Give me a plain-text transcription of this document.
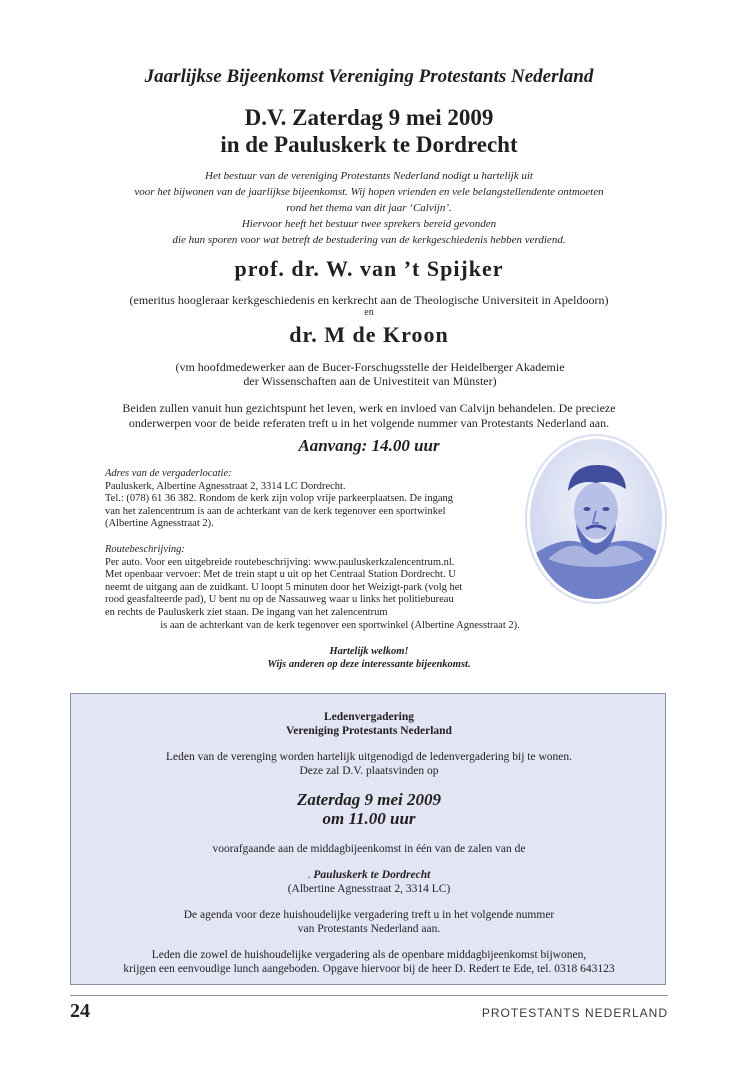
Jaarlijkse Bijeenkomst Vereniging Protestants Nederland
D.V. Zaterdag 9 mei 2009
in de Pauluskerk te Dordrecht
Het bestuur van de vereniging Protestants Nederland nodigt u hartelijk uit
voor het bijwonen van de jaarlijkse bijeenkomst. Wij hopen vrienden en vele belangstellendente ontmoeten
rond het thema van dit jaar ‘Calvijn’.
Hiervoor heeft het bestuur twee sprekers bereid gevonden
die hun sporen voor wat betreft de bestudering van de kerkgeschiedenis hebben verdiend.
prof. dr. W. van ’t Spijker
(emeritus hoogleraar kerkgeschiedenis en kerkrecht aan de Theologische Universiteit in Apeldoorn)
en
dr. M de Kroon
(vm hoofdmedewerker aan de Bucer-Forschugsstelle der Heidelberger Akademie
der Wissenschaften aan de Univestiteit van Münster)
Beiden zullen vanuit hun gezichtspunt het leven, werk en invloed van Calvijn behandelen. De precieze
onderwerpen voor de beide referaten treft u in het volgende nummer van Protestants Nederland aan.
Aanvang: 14.00 uur
Adres van de vergaderlocatie:
Pauluskerk, Albertine Agnesstraat 2, 3314 LC Dordrecht.
Tel.: (078) 61 36 382. Rondom de kerk zijn volop vrije parkeerplaatsen. De ingang
van het zalencentrum is aan de achterkant van de kerk tegenover een sportwinkel
(Albertine Agnesstraat 2).
Routebeschrijving:
Per auto. Voor een uitgebreide routebeschrijving: www.pauluskerkzalencentrum.nl.
Met openbaar vervoer: Met de trein stapt u uit op het Centraal Station Dordrecht. U
neemt de uitgang aan de zuidkant. U loopt 5 minuten door het Weizigt-park (volg het
rood geasfalteerde pad), U bent nu op de Nassauweg waar u links het politiebureau
en rechts de Pauluskerk ziet staan. De ingang van het zalencentrum
is aan de achterkant van de kerk tegenover een sportwinkel (Albertine Agnesstraat 2).
Hartelijk welkom!
Wijs anderen op deze interessante bijeenkomst.
Ledenvergadering
Vereniging Protestants Nederland
Leden van de verenging worden hartelijk uitgenodigd de ledenvergadering bij te wonen.
Deze zal D.V. plaatsvinden op
Zaterdag 9 mei 2009
om 11.00 uur
voorafgaande aan de middagbijeenkomst in één van de zalen van de
. Pauluskerk te Dordrecht
(Albertine Agnesstraat 2, 3314 LC)
De agenda voor deze huishoudelijke vergadering treft u in het volgende nummer
van Protestants Nederland aan.
Leden die zowel de huishoudelijke vergadering als de openbare middagbijeenkomst bijwonen,
krijgen een eenvoudige lunch aangeboden. Opgave hiervoor bij de heer D. Redert te Ede, tel. 0318 643123
24	PROTESTANTS NEDERLAND
